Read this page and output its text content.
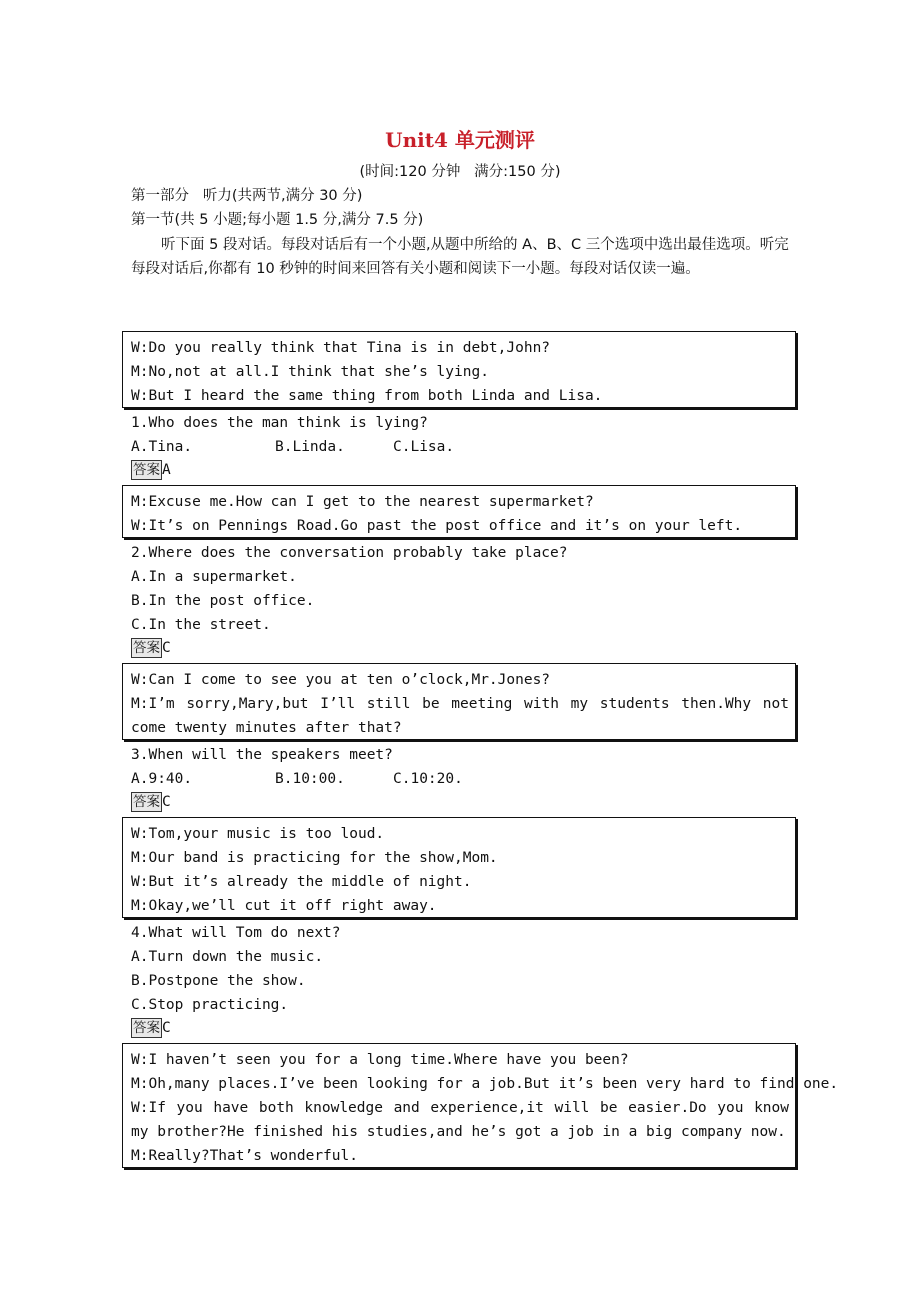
Unit4 单元测评
(时间:120 分钟   满分:150 分)
第一部分   听力(共两节,满分 30 分)
第一节(共 5 小题;每小题 1.5 分,满分 7.5 分)
听下面 5 段对话。每段对话后有一个小题,从题中所给的 A、B、C 三个选项中选出最佳选项。听完每段对话后,你都有 10 秒钟的时间来回答有关小题和阅读下一小题。每段对话仅读一遍。
W:Do you really think that Tina is in debt,John?
M:No,not at all.I think that she’s lying.
W:But I heard the same thing from both Linda and Lisa.
1.Who does the man think is lying?
A.Tina.	B.Linda.	C.Lisa.
答案 A
M:Excuse me.How can I get to the nearest supermarket?
W:It’s on Pennings Road.Go past the post office and it’s on your left.
2.Where does the conversation probably take place?
A.In a supermarket.
B.In the post office.
C.In the street.
答案 C
W:Can I come to see you at ten o’clock,Mr.Jones?
M:I’m sorry,Mary,but I’ll still be meeting with my students then.Why not come twenty minutes after that?
3.When will the speakers meet?
A.9:40.	B.10:00.	C.10:20.
答案 C
W:Tom,your music is too loud.
M:Our band is practicing for the show,Mom.
W:But it’s already the middle of night.
M:Okay,we’ll cut it off right away.
4.What will Tom do next?
A.Turn down the music.
B.Postpone the show.
C.Stop practicing.
答案 C
W:I haven’t seen you for a long time.Where have you been?
M:Oh,many places.I’ve been looking for a job.But it’s been very hard to find one.
W:If you have both knowledge and experience,it will be easier.Do you know my brother?He finished his studies,and he’s got a job in a big company now.
M:Really?That’s wonderful.
